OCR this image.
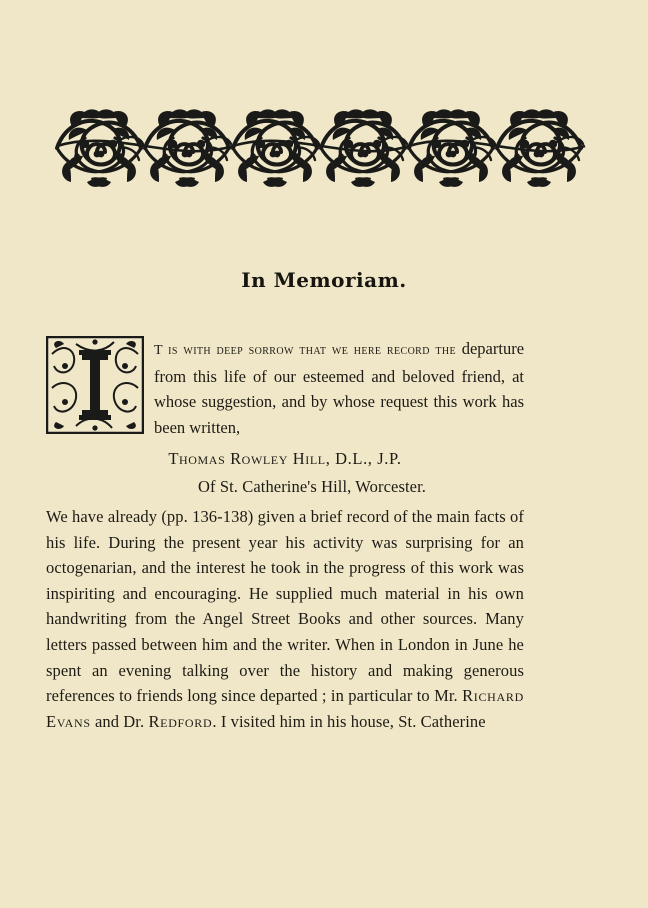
In Memoriam.
T is with deep sorrow that we here record the departure from this life of our esteemed and beloved friend, at whose suggestion, and by whose request this work has been written,
Thomas Rowley Hill, D.L., J.P.
Of St. Catherine's Hill, Worcester.

We have already (pp. 136-138) given a brief record of the main facts of his life. During the present year his activity was surprising for an octogenarian, and the interest he took in the progress of this work was inspiriting and encouraging. He supplied much material in his own handwriting from the Angel Street Books and other sources. Many letters passed between him and the writer. When in London in June he spent an evening talking over the history and making generous references to friends long since departed ; in particular to Mr. Richard Evans and Dr. Redford. I visited him in his house, St. Catherine
